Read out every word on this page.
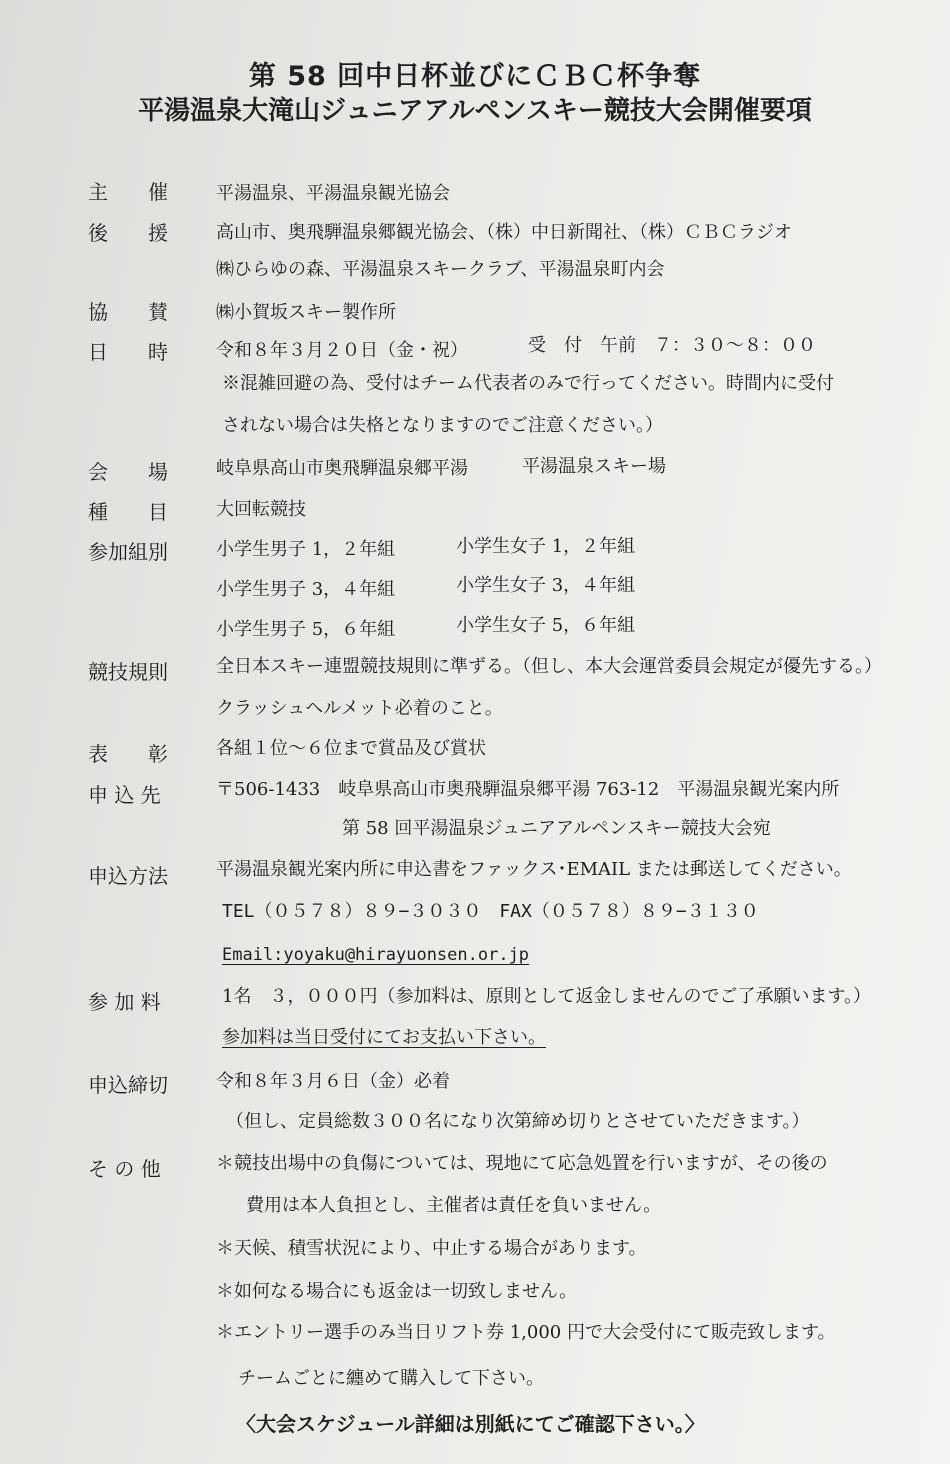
第 58 回中日杯並びにＣＢＣ杯争奪
平湯温泉大滝山ジュニアアルペンスキー競技大会開催要項
主　　催	平湯温泉、平湯温泉観光協会
後　　援	高山市、奥飛騨温泉郷観光協会、（株）中日新聞社、（株）ＣＢＣラジオ
㈱ひらゆの森、平湯温泉スキークラブ、平湯温泉町内会
協　　賛	㈱小賀坂スキー製作所
日　　時	令和８年３月２０日（金・祝）	受　付　午前　７：３０〜８：００
※混雑回避の為、受付はチーム代表者のみで行ってください。時間内に受付
されない場合は失格となりますのでご注意ください。）
会　　場	岐阜県高山市奥飛騨温泉郷平湯	平湯温泉スキー場
種　　目	大回転競技
参加組別	小学生男子 1，２年組	小学生女子 1，２年組
小学生男子 3，４年組	小学生女子 3，４年組
小学生男子 5，６年組	小学生女子 5，６年組
競技規則	全日本スキー連盟競技規則に準ずる。（但し、本大会運営委員会規定が優先する。）
クラッシュヘルメット必着のこと。
表　　彰	各組１位〜６位まで賞品及び賞状
申 込 先	〒506-1433　岐阜県高山市奥飛騨温泉郷平湯 763-12　平湯温泉観光案内所
第 58 回平湯温泉ジュニアアルペンスキー競技大会宛
申込方法	平湯温泉観光案内所に申込書をファックス･EMAIL または郵送してください。
TEL（０５７８）８９−３０３０　FAX（０５７８）８９−３１３０
Email:yoyaku@hirayuonsen.or.jp
参 加 料	1名　３，０００円（参加料は、原則として返金しませんのでご了承願います。）
参加料は当日受付にてお支払い下さい。
申込締切	令和８年３月６日（金）必着
（但し、定員総数３００名になり次第締め切りとさせていただきます。）
そ の 他	＊競技出場中の負傷については、現地にて応急処置を行いますが、その後の
費用は本人負担とし、主催者は責任を負いません。
＊天候、積雪状況により、中止する場合があります。
＊如何なる場合にも返金は一切致しません。
＊エントリー選手のみ当日リフト券 1,000 円で大会受付にて販売致します。
チームごとに纏めて購入して下さい。
〈大会スケジュール詳細は別紙にてご確認下さい。〉
